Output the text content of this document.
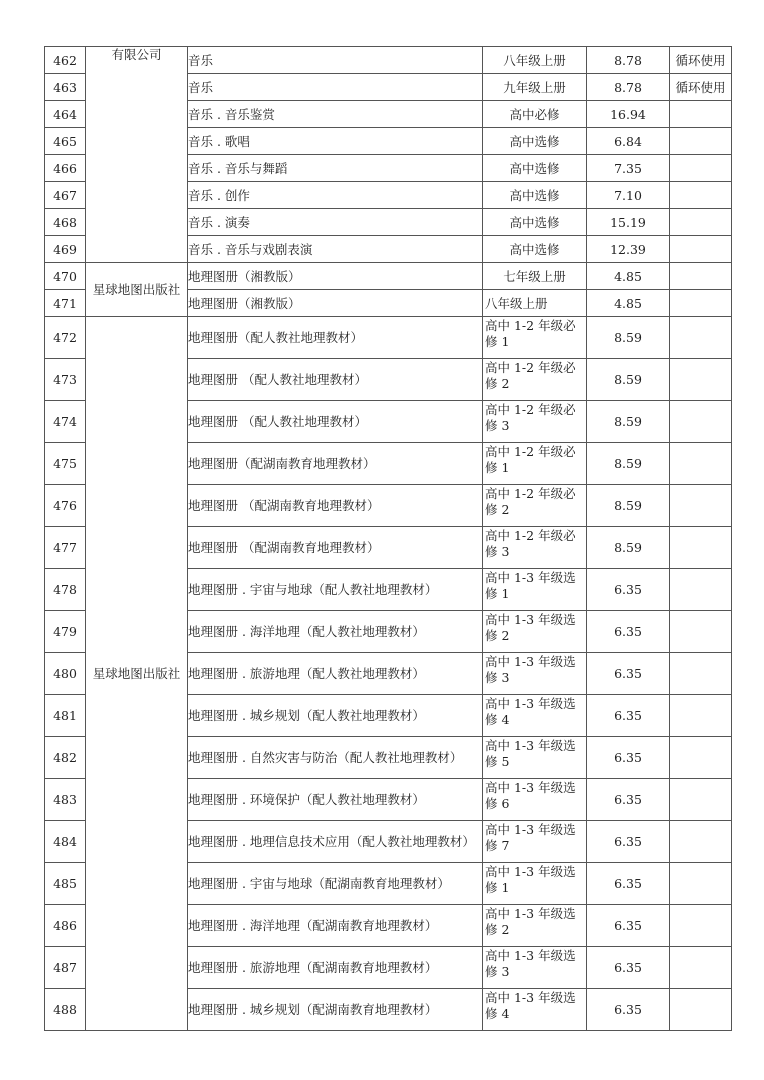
462	有限公司	音乐	八年级上册	8.78	循环使用
463		音乐	九年级上册	8.78	循环使用
464		音乐 . 音乐鉴赏	高中必修	16.94	
465		音乐 . 歌唱	高中选修	6.84	
466		音乐 . 音乐与舞蹈	高中选修	7.35	
467		音乐 . 创作	高中选修	7.10	
468		音乐 . 演奏	高中选修	15.19	
469		音乐 . 音乐与戏剧表演	高中选修	12.39	
470	星球地图出版社	地理图册（湘教版）	七年级上册	4.85	
471		地理图册（湘教版）	八年级上册	4.85	
472	星球地图出版社	地理图册（配人教社地理教材）	高中 1-2 年级必修 1	8.59	
473		地理图册 （配人教社地理教材）	高中 1-2 年级必修 2	8.59	
474		地理图册 （配人教社地理教材）	高中 1-2 年级必修 3	8.59	
475		地理图册（配湖南教育地理教材）	高中 1-2 年级必修 1	8.59	
476		地理图册 （配湖南教育地理教材）	高中 1-2 年级必修 2	8.59	
477		地理图册 （配湖南教育地理教材）	高中 1-2 年级必修 3	8.59	
478		地理图册 . 宇宙与地球（配人教社地理教材）	高中 1-3 年级选修 1	6.35	
479		地理图册 . 海洋地理（配人教社地理教材）	高中 1-3 年级选修 2	6.35	
480		地理图册 . 旅游地理（配人教社地理教材）	高中 1-3 年级选修 3	6.35	
481		地理图册 . 城乡规划（配人教社地理教材）	高中 1-3 年级选修 4	6.35	
482		地理图册 . 自然灾害与防治（配人教社地理教材）	高中 1-3 年级选修 5	6.35	
483		地理图册 . 环境保护（配人教社地理教材）	高中 1-3 年级选修 6	6.35	
484		地理图册 . 地理信息技术应用（配人教社地理教材）	高中 1-3 年级选修 7	6.35	
485		地理图册 . 宇宙与地球（配湖南教育地理教材）	高中 1-3 年级选修 1	6.35	
486		地理图册 . 海洋地理（配湖南教育地理教材）	高中 1-3 年级选修 2	6.35	
487		地理图册 . 旅游地理（配湖南教育地理教材）	高中 1-3 年级选修 3	6.35	
488		地理图册 . 城乡规划（配湖南教育地理教材）	高中 1-3 年级选修 4	6.35	
